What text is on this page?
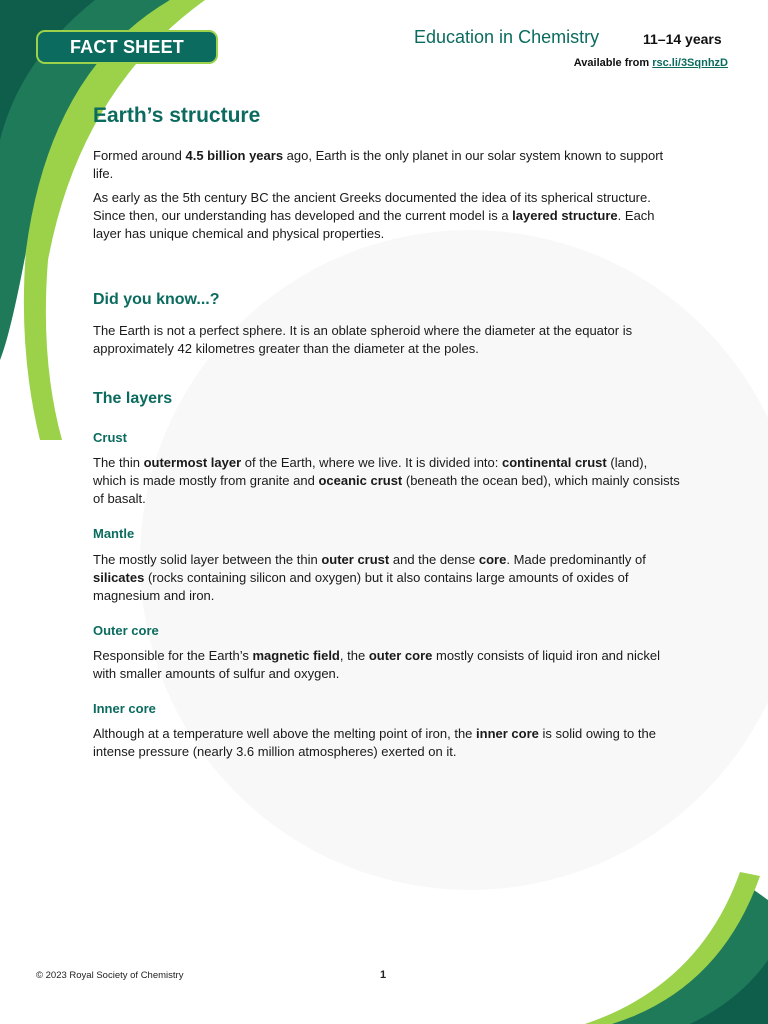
FACT SHEET	Education in Chemistry	11–14 years
Available from rsc.li/3SqnhzD
Earth’s structure

Formed around 4.5 billion years ago, Earth is the only planet in our solar system known to support life.

As early as the 5th century BC the ancient Greeks documented the idea of its spherical structure. Since then, our understanding has developed and the current model is a layered structure. Each layer has unique chemical and physical properties.

Did you know...?

The Earth is not a perfect sphere. It is an oblate spheroid where the diameter at the equator is approximately 42 kilometres greater than the diameter at the poles.

The layers
Crust

The thin outermost layer of the Earth, where we live. It is divided into: continental crust (land), which is made mostly from granite and oceanic crust (beneath the ocean bed), which mainly consists of basalt.

Mantle

The mostly solid layer between the thin outer crust and the dense core. Made predominantly of silicates (rocks containing silicon and oxygen) but it also contains large amounts of oxides of magnesium and iron.

Outer core

Responsible for the Earth’s magnetic field, the outer core mostly consists of liquid iron and nickel with smaller amounts of sulfur and oxygen.

Inner core

Although at a temperature well above the melting point of iron, the inner core is solid owing to the intense pressure (nearly 3.6 million atmospheres) exerted on it.

© 2023 Royal Society of Chemistry	1
